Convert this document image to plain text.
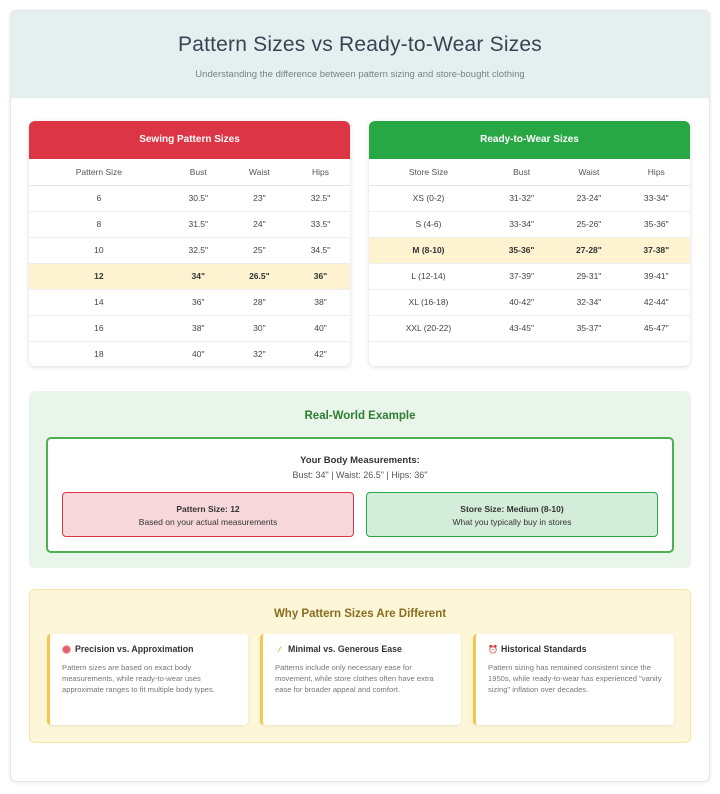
Pattern Sizes vs Ready-to-Wear Sizes

Understanding the difference between pattern sizing and store-bought clothing

Sewing Pattern Sizes
Pattern Size	Bust	Waist	Hips
6	30.5"	23"	32.5"
8	31.5"	24"	33.5"
10	32.5"	25"	34.5"
12	34"	26.5"	36"
14	36"	28"	38"
16	38"	30"	40"
18	40"	32"	42"
Ready-to-Wear Sizes
Store Size	Bust	Waist	Hips
XS (0-2)	31-32"	23-24"	33-34"
S (4-6)	33-34"	25-26"	35-36"
M (8-10)	35-36"	27-28"	37-38"
L (12-14)	37-39"	29-31"	39-41"
XL (16-18)	40-42"	32-34"	42-44"
XXL (20-22)	43-45"	35-37"	45-47"
Real-World Example
Your Body Measurements:
Bust: 34" | Waist: 26.5" | Hips: 36"
Pattern Size: 12
Based on your actual measurements
Store Size: Medium (8-10)
What you typically buy in stores
Why Pattern Sizes Are Different
Precision vs. Approximation
Pattern sizes are based on exact body measurements, while ready-to-wear uses approximate ranges to fit multiple body types.
∕ Minimal vs. Generous Ease
Patterns include only necessary ease for movement, while store clothes often have extra ease for broader appeal and comfort.
⏰ Historical Standards
Pattern sizing has remained consistent since the 1950s, while ready-to-wear has experienced "vanity sizing" inflation over decades.
